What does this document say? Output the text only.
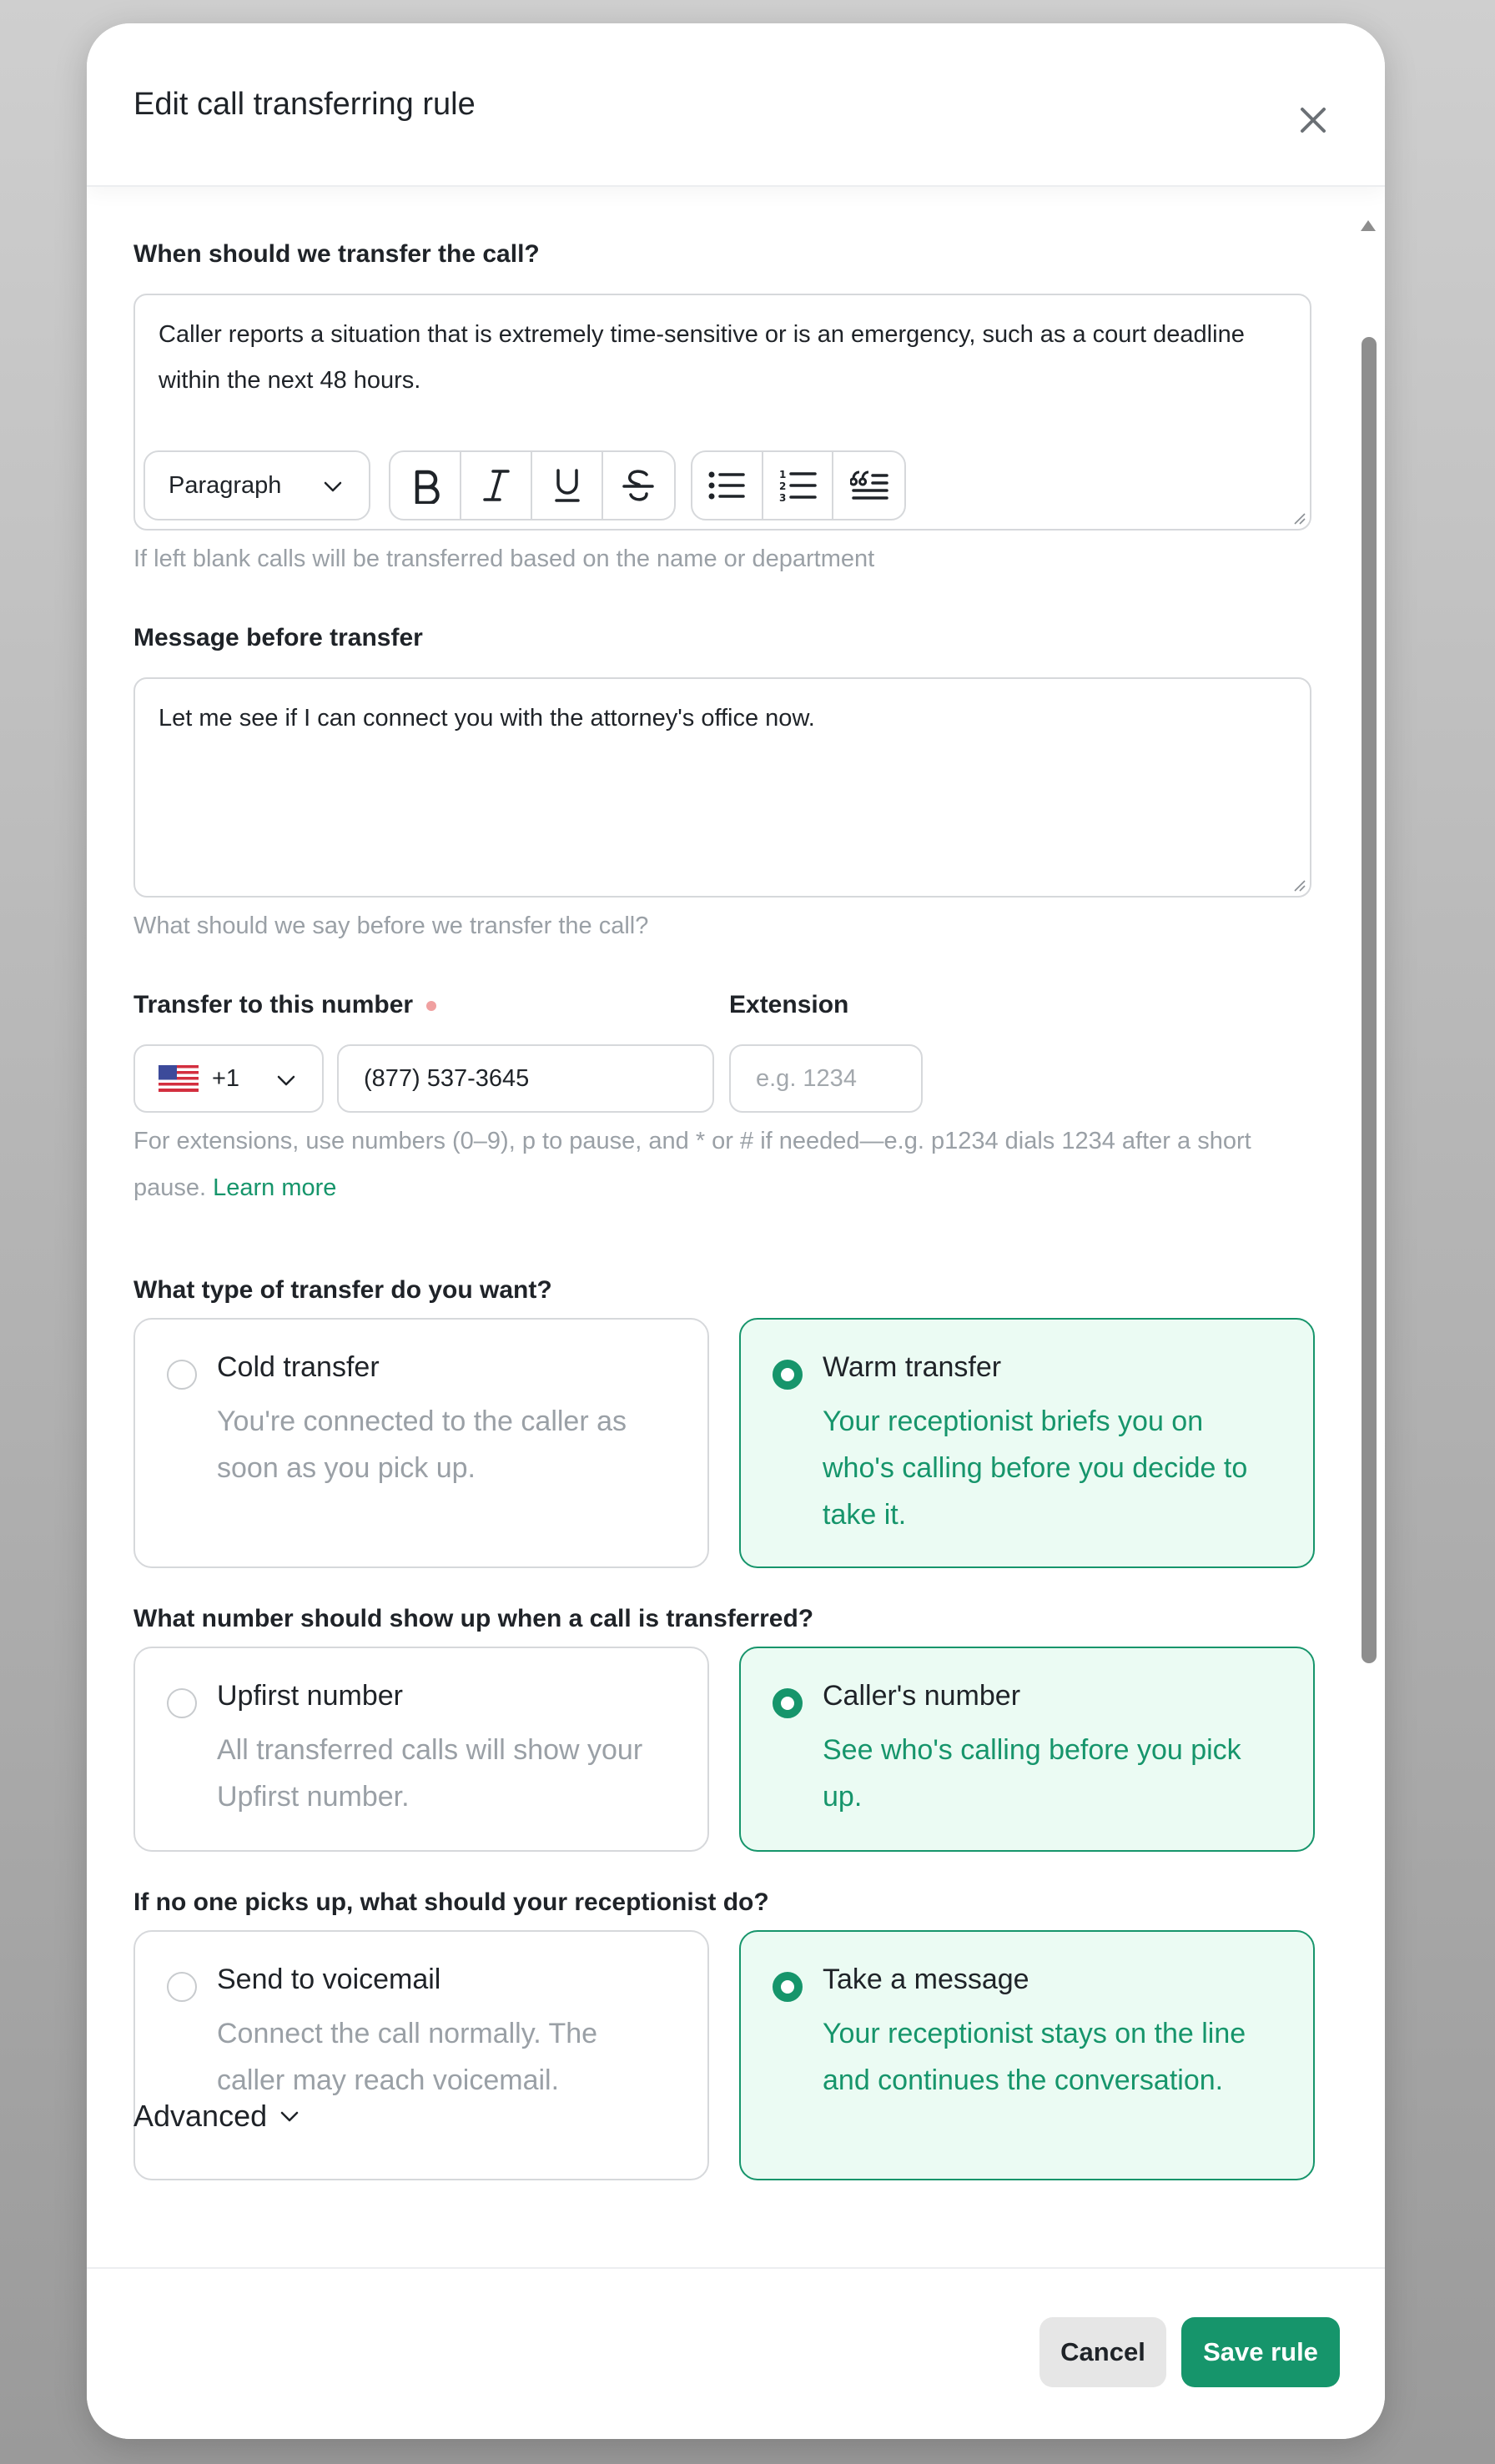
Edit call transferring rule
When should we transfer the call?
Caller reports a situation that is extremely time-sensitive or is an emergency, such as a court deadline within the next 48 hours.
Paragraph	1
2
3
If left blank calls will be transferred based on the name or department
Message before transfer
Let me see if I can connect you with the attorney's office now.
What should we say before we transfer the call?
Transfer to this number	Extension
+1	(877) 537-3645	e.g. 1234
For extensions, use numbers (0–9), p to pause, and * or # if needed—e.g. p1234 dials 1234 after a short pause. Learn more
What type of transfer do you want?
Cold transfer
You're connected to the caller as soon as you pick up.
Warm transfer
Your receptionist briefs you on who's calling before you decide to take it.
What number should show up when a call is transferred?
Upfirst number
All transferred calls will show your Upfirst number.
Caller's number
See who's calling before you pick up.
If no one picks up, what should your receptionist do?
Send to voicemail
Connect the call normally. The caller may reach voicemail.
Take a message
Your receptionist stays on the line and continues the conversation.
Advanced
Cancel	Save rule
